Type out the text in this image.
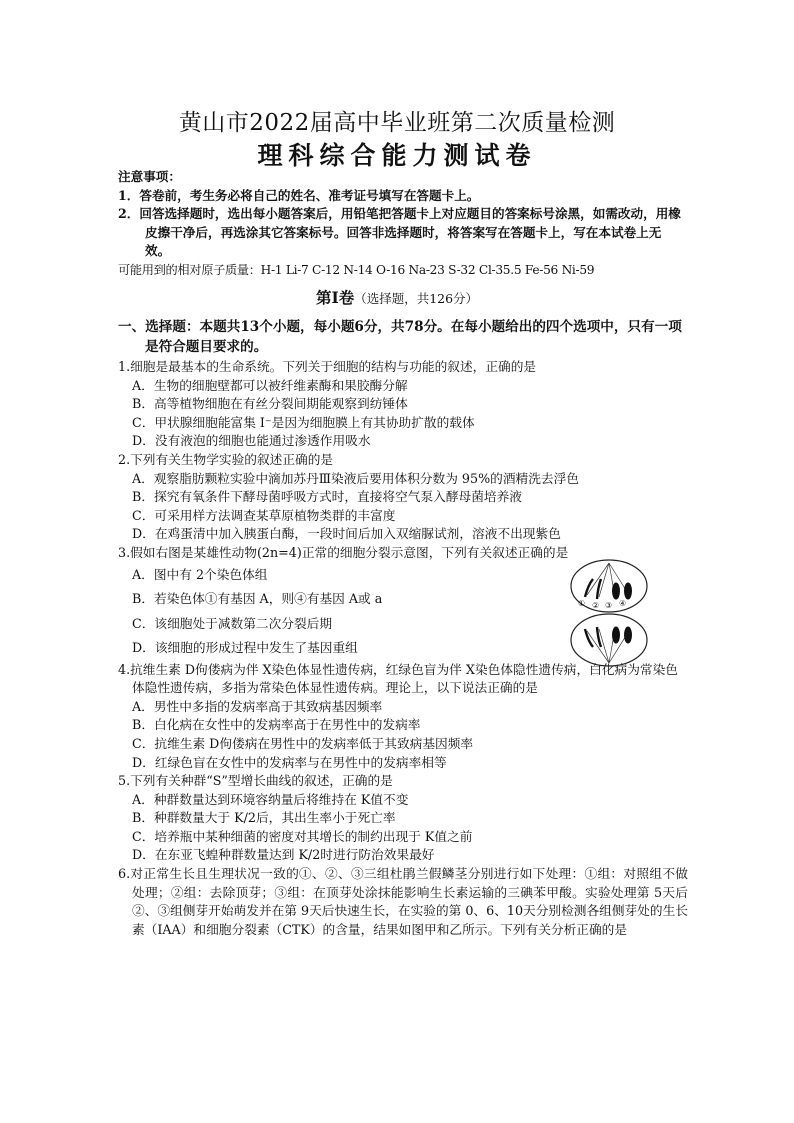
黄山市2022届高中毕业班第二次质量检测
理科综合能力测试卷
注意事项：
1．答卷前，考生务必将自己的姓名、准考证号填写在答题卡上。
2．回答选择题时，选出每小题答案后，用铅笔把答题卡上对应题目的答案标号涂黑，如需改动，用橡皮擦干净后，再选涂其它答案标号。回答非选择题时，将答案写在答题卡上，写在本试卷上无效。
可能用到的相对原子质量：H-1 Li-7 C-12 N-14 O-16 Na-23 S-32 Cl-35.5 Fe-56 Ni-59
第Ⅰ卷（选择题，共126分）
一、选择题：本题共13个小题，每小题6分，共78分。在每小题给出的四个选项中，只有一项是符合题目要求的。
1.细胞是最基本的生命系统。下列关于细胞的结构与功能的叙述，正确的是
A．生物的细胞壁都可以被纤维素酶和果胶酶分解
B．高等植物细胞在有丝分裂间期能观察到纺锤体
C．甲状腺细胞能富集 I⁻是因为细胞膜上有其协助扩散的载体
D．没有液泡的细胞也能通过渗透作用吸水
2.下列有关生物学实验的叙述正确的是
A．观察脂肪颗粒实验中滴加苏丹Ⅲ染液后要用体积分数为 95%的酒精洗去浮色
B．探究有氧条件下酵母菌呼吸方式时，直接将空气泵入酵母菌培养液
C．可采用样方法调查某草原植物类群的丰富度
D．在鸡蛋清中加入胰蛋白酶，一段时间后加入双缩脲试剂，溶液不出现紫色
3.假如右图是某雄性动物(2n=4)正常的细胞分裂示意图，下列有关叙述正确的是
A．图中有 2个染色体组
B．若染色体①有基因 A，则④有基因 A或 a
C．该细胞处于减数第二次分裂后期
D．该细胞的形成过程中发生了基因重组
4.抗维生素 D佝偻病为伴 X染色体显性遗传病，红绿色盲为伴 X染色体隐性遗传病，白化病为常染色体隐性遗传病，多指为常染色体显性遗传病。理论上，以下说法正确的是
A．男性中多指的发病率高于其致病基因频率
B．白化病在女性中的发病率高于在男性中的发病率
C．抗维生素 D佝偻病在男性中的发病率低于其致病基因频率
D．红绿色盲在女性中的发病率与在男性中的发病率相等
5.下列有关种群“S”型增长曲线的叙述，正确的是
A．种群数量达到环境容纳量后将维持在 K值不变
B．种群数量大于 K/2后，其出生率小于死亡率
C．培养瓶中某种细菌的密度对其增长的制约出现于 K值之前
D．在东亚飞蝗种群数量达到 K/2时进行防治效果最好
6.对正常生长且生理状况一致的①、②、③三组杜鹃兰假鳞茎分别进行如下处理：①组：对照组不做处理；②组：去除顶芽；③组：在顶芽处涂抹能影响生长素运输的三碘苯甲酸。实验处理第 5天后②、③组侧芽开始萌发并在第 9天后快速生长，在实验的第 0、6、10天分别检测各组侧芽处的生长素（IAA）和细胞分裂素（CTK）的含量，结果如图甲和乙所示。下列有关分析正确的是
① ② ③ ④
